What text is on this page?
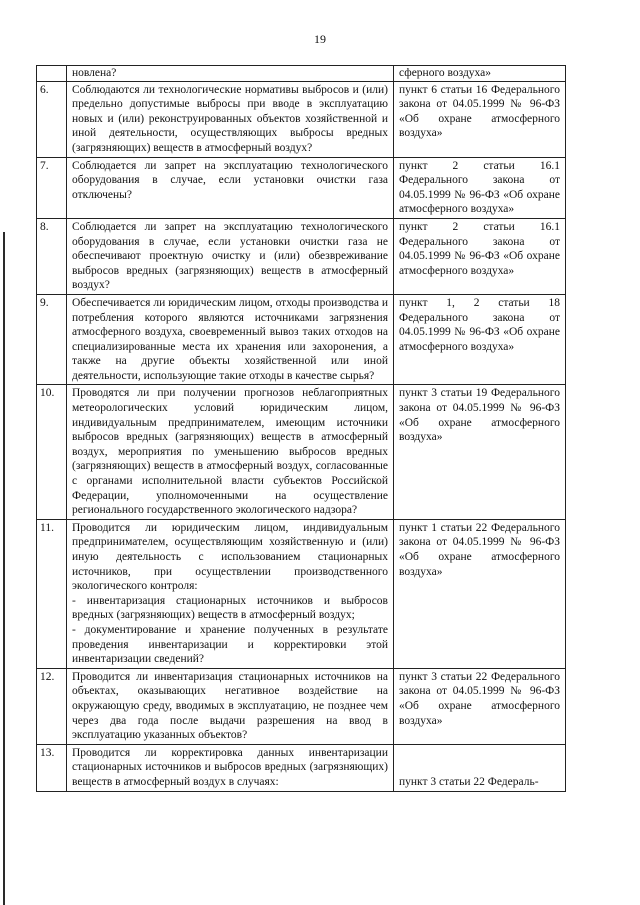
19
	новлена?	сферного воздуха»
6.	Соблюдаются ли технологические нормативы выбросов и (или) предельно допустимые выбросы при вводе в эксплуатацию новых и (или) реконструированных объектов хозяйственной и иной деятельности, осуществляющих выбросы вредных (загрязняющих) веществ в атмосферный воздух?	пункт 6 статьи 16 Федерального закона от 04.05.1999 № 96-ФЗ «Об охране атмосферного воздуха»

7.	Соблюдается ли запрет на эксплуатацию технологического оборудования в случае, если установки очистки газа отключены?	пункт 2 статьи 16.1 Федерального закона от 04.05.1999 № 96-ФЗ «Об охране атмосферного воздуха»

8.	Соблюдается ли запрет на эксплуатацию технологического оборудования в случае, если установки очистки газа не обеспечивают проектную очистку и (или) обезвреживание выбросов вредных (загрязняющих) веществ в атмосферный воздух?	пункт 2 статьи 16.1 Федерального закона от 04.05.1999 № 96-ФЗ «Об охране атмосферного воздуха»

9.	Обеспечивается ли юридическим лицом, отходы производства и потребления которого являются источниками загрязнения атмосферного воздуха, своевременный вывоз таких отходов на специализированные места их хранения или захоронения, а также на другие объекты хозяйственной или иной деятельности, использующие такие отходы в качестве сырья?	пункт 1, 2 статьи 18 Федерального закона от 04.05.1999 № 96-ФЗ «Об охране атмосферного воздуха»

10.	Проводятся ли при получении прогнозов неблагоприятных метеорологических условий юридическим лицом, индивидуальным предпринимателем, имеющим источники выбросов вредных (загрязняющих) веществ в атмосферный воздух, мероприятия по уменьшению выбросов вредных (загрязняющих) веществ в атмосферный воздух, согласованные с органами исполнительной власти субъектов Российской Федерации, уполномоченными на осуществление регионального государственного экологического надзора?	пункт 3 статьи 19 Федерального закона от 04.05.1999 № 96-ФЗ «Об охране атмосферного воздуха»

11.	Проводится ли юридическим лицом, индивидуальным предпринимателем, осуществляющим хозяйственную и (или) иную деятельность с использованием стационарных источников, при осуществлении производственного экологического контроля:
- инвентаризация стационарных источников и выбросов вредных (загрязняющих) веществ в атмосферный воздух;
- документирование и хранение полученных в результате проведения инвентаризации и корректировки этой инвентаризации сведений?	пункт 1 статьи 22 Федерального закона от 04.05.1999 № 96-ФЗ «Об охране атмосферного воздуха»

12.	Проводится ли инвентаризация стационарных источников на объектах, оказывающих негативное воздействие на окружающую среду, вводимых в эксплуатацию, не позднее чем через два года после выдачи разрешения на ввод в эксплуатацию указанных объектов?	пункт 3 статьи 22 Федерального закона от 04.05.1999 № 96-ФЗ «Об охране атмосферного воздуха»

13.	Проводится ли корректировка данных инвентаризации стационарных источников и выбросов вредных (загрязняющих) веществ в атмосферный воздух в случаях:	пункт 3 статьи 22 Федераль-
